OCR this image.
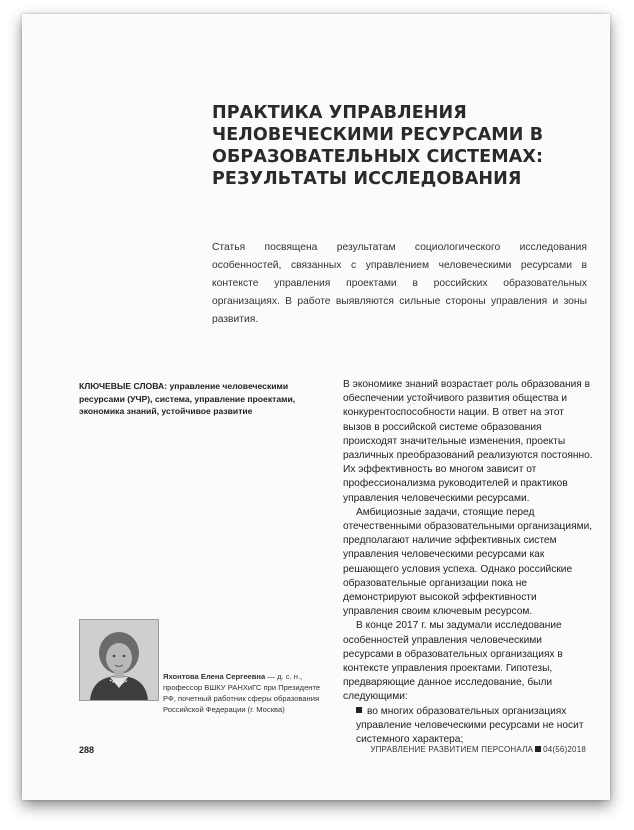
ПРАКТИКА УПРАВЛЕНИЯ ЧЕЛОВЕЧЕСКИМИ РЕСУРСАМИ В ОБРАЗОВАТЕЛЬНЫХ СИСТЕМАХ: РЕЗУЛЬТАТЫ ИССЛЕДОВАНИЯ

Статья посвящена результатам социологического исследования особенностей, связанных с управлением человеческими ресурсами в контексте управления проектами в российских образовательных организациях. В работе выявляются сильные стороны управления и зоны развития.

КЛЮЧЕВЫЕ СЛОВА: управление человеческими ресурсами (УЧР), система, управление проектами, экономика знаний, устойчивое развитие

В экономике знаний возрастает роль образования в обеспечении устойчивого развития общества и конкурентоспособности нации. В ответ на этот вызов в российской системе образования происходят значительные изменения, проекты различных преобразований реализуются постоянно. Их эффективность во многом зависит от профессионализма руководителей и практиков управления человеческими ресурсами.

Амбициозные задачи, стоящие перед отечественными образовательными организациями, предполагают наличие эффективных систем управления человеческими ресурсами как решающего условия успеха. Однако российские образовательные организации пока не демонстрируют высокой эффективности управления своим ключевым ресурсом.

В конце 2017 г. мы задумали исследование особенностей управления человеческими ресурсами в образовательных организациях в контексте управления проектами. Гипотезы, предваряющие данное исследование, были следующими:

во многих образовательных организациях управление человеческими ресурсами не носит системного характера;

Яхонтова Елена Сергеевна — д. с. н., профессор ВШКУ РАНХиГС при Президенте РФ, почетный работник сферы образования Российской Федерации (г. Москва)

288	УПРАВЛЕНИЕ РАЗВИТИЕМ ПЕРСОНАЛА 04(56)2018
